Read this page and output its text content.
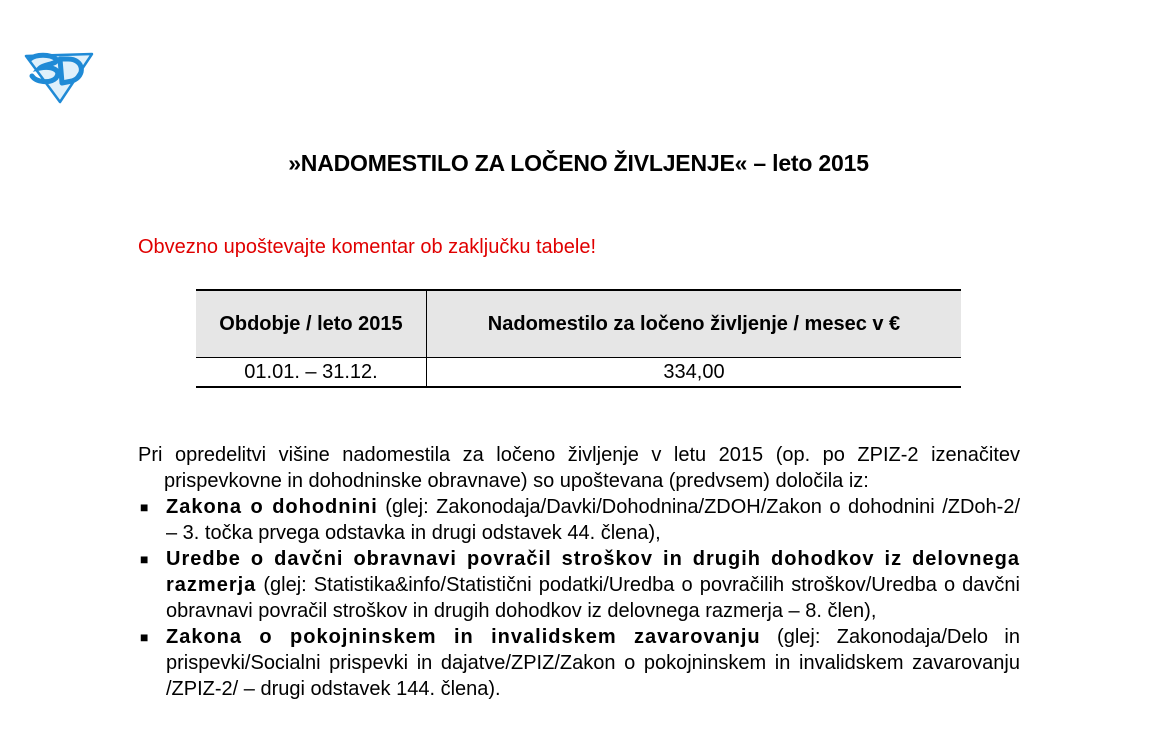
»NADOMESTILO ZA LOČENO ŽIVLJENJE« – leto 2015
Obvezno upoštevajte komentar ob zaključku tabele!
Obdobje / leto 2015	Nadomestilo za ločeno življenje / mesec v €
01.01. – 31.12.	334,00

Pri opredelitvi višine nadomestila za ločeno življenje v letu 2015 (op. po ZPIZ-2 izenačitev prispevkovne in dohodninske obravnave) so upoštevana (predvsem) določila iz:

■ Zakona o dohodnini (glej: Zakonodaja/Davki/Dohodnina/ZDOH/Zakon o dohodnini /ZDoh-2/ – 3. točka prvega odstavka in drugi odstavek 44. člena),
■ Uredbe o davčni obravnavi povračil stroškov in drugih dohodkov iz delovnega razmerja (glej: Statistika&info/Statistični podatki/Uredba o povračilih stroškov/Uredba o davčni obravnavi povračil stroškov in drugih dohodkov iz delovnega razmerja – 8. člen),
■ Zakona o pokojninskem in invalidskem zavarovanju (glej: Zakonodaja/Delo in prispevki/Socialni prispevki in dajatve/ZPIZ/Zakon o pokojninskem in invalidskem zavarovanju /ZPIZ-2/ – drugi odstavek 144. člena).
